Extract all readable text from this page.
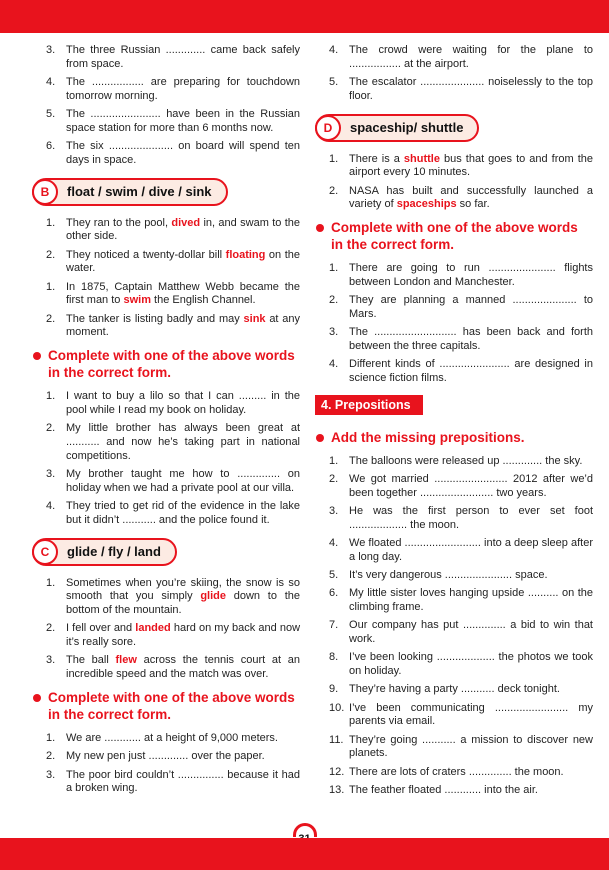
3. The three Russian ............. came back safely from space.
4. The ................. are preparing for touchdown tomorrow morning.
5. The ....................... have been in the Russian space station for more than 6 months now.
6. The six ..................... on board will spend ten days in space.
B	float / swim / dive / sink
1. They ran to the pool, dived in, and swam to the other side.
2. They noticed a twenty-dollar bill floating on the water.
1. In 1875, Captain Matthew Webb became the first man to swim the English Channel.
2. The tanker is listing badly and may sink at any moment.
Complete with one of the above words in the correct form.
1. I want to buy a lilo so that I can ......... in the pool while I read my book on holiday.
2. My little brother has always been great at ........... and now he’s taking part in national competitions.
3. My brother taught me how to .............. on holiday when we had a private pool at our villa.
4. They tried to get rid of the evidence in the lake but it didn’t ........... and the police found it.
C	glide / fly / land
1. Sometimes when you’re skiing, the snow is so smooth that you simply glide down to the bottom of the mountain.
2. I fell over and landed hard on my back and now it’s really sore.
3. The ball flew across the tennis court at an incredible speed and the match was over.
Complete with one of the above words in the correct form.
1. We are ............ at a height of 9,000 meters.
2. My new pen just ............. over the paper.
3. The poor bird couldn’t ............... because it had a broken wing.
4. The crowd were waiting for the plane to ................. at the airport.
5. The escalator ..................... noiselessly to the top floor.
D	spaceship/ shuttle
1. There is a shuttle bus that goes to and from the airport every 10 minutes.
2. NASA has built and successfully launched a variety of spaceships so far.
Complete with one of the above words in the correct form.
1. There are going to run ...................... flights between London and Manchester.
2. They are planning a manned ..................... to Mars.
3. The ........................... has been back and forth between the three capitals.
4. Different kinds of ....................... are designed in science fiction films.
4. Prepositions
Add the missing prepositions.
1. The balloons were released up ............. the sky.
2. We got married ........................ 2012 after we’d been together ........................ two years.
3. He was the first person to ever set foot ................... the moon.
4. We floated ......................... into a deep sleep after a long day.
5. It’s very dangerous ...................... space.
6. My little sister loves hanging upside .......... on the climbing frame.
7. Our company has put .............. a bid to win that work.
8. I’ve been looking ................... the photos we took on holiday.
9. They’re having a party ........... deck tonight.
10. I’ve been communicating ........................ my parents via email.
11. They’re going ........... a mission to discover new planets.
12. There are lots of craters .............. the moon.
13. The feather floated ............ into the air.
